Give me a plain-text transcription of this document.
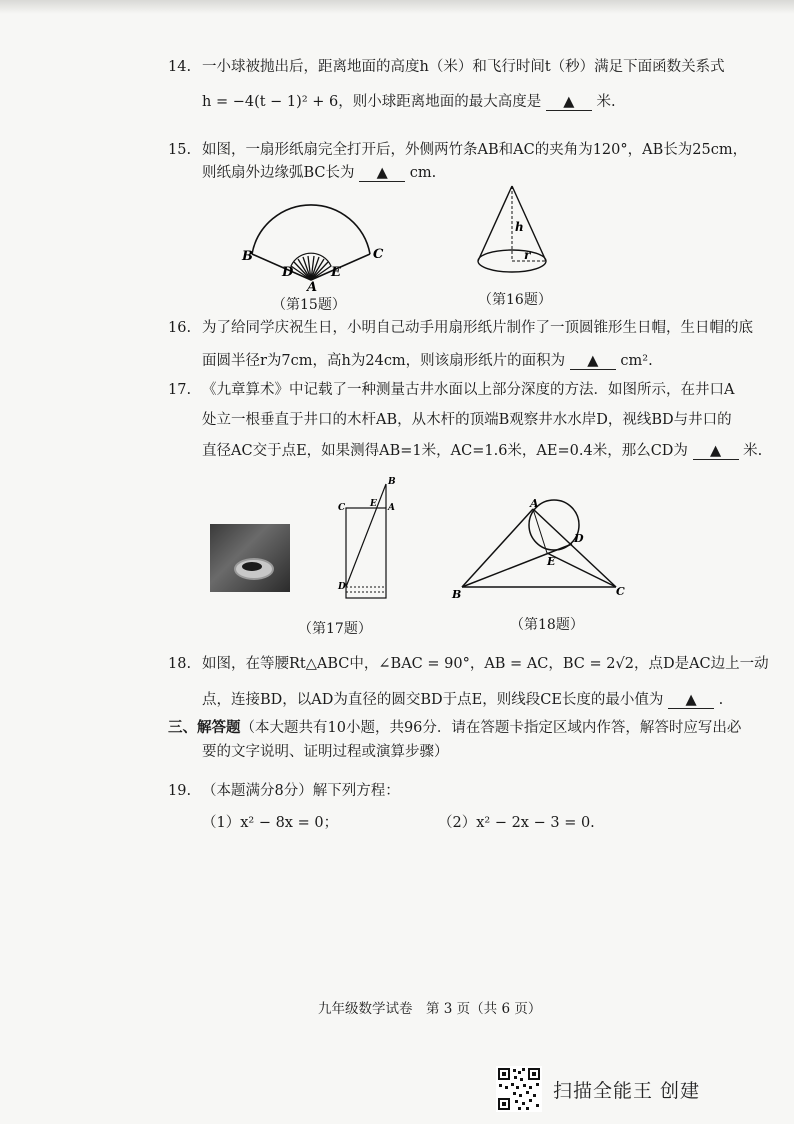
14. 一小球被抛出后，距离地面的高度h（米）和飞行时间t（秒）满足下面函数关系式
h = −4(t − 1)² + 6，则小球距离地面的最大高度是 ▲ 米.
15. 如图，一扇形纸扇完全打开后，外侧两竹条AB和AC的夹角为120°，AB长为25cm，
则纸扇外边缘弧BC长为 ▲ cm.
B	C
D	E
A
（第15题）
h
r
（第16题）
16. 为了给同学庆祝生日，小明自己动手用扇形纸片制作了一顶圆锥形生日帽，生日帽的底
面圆半径r为7cm，高h为24cm，则该扇形纸片的面积为 ▲ cm².
17. 《九章算术》中记载了一种测量古井水面以上部分深度的方法．如图所示，在井口A
处立一根垂直于井口的木杆AB，从木杆的顶端B观察井水水岸D，视线BD与井口的
直径AC交于点E，如果测得AB=1米，AC=1.6米，AE=0.4米，那么CD为 ▲ 米.
B
C	E A
D
（第17题）
A
D
E
B	C
（第18题）
18. 如图，在等腰Rt△ABC中，∠BAC = 90°，AB = AC，BC = 2√2，点D是AC边上一动
点，连接BD，以AD为直径的圆交BD于点E，则线段CE长度的最小值为 ▲ .
三、解答题（本大题共有10小题，共96分．请在答题卡指定区域内作答，解答时应写出必
要的文字说明、证明过程或演算步骤）
19. （本题满分8分）解下列方程：
（1）x² − 8x = 0；	（2）x² − 2x − 3 = 0.
九年级数学试卷　第 3 页（共 6 页）
扫描全能王 创建
